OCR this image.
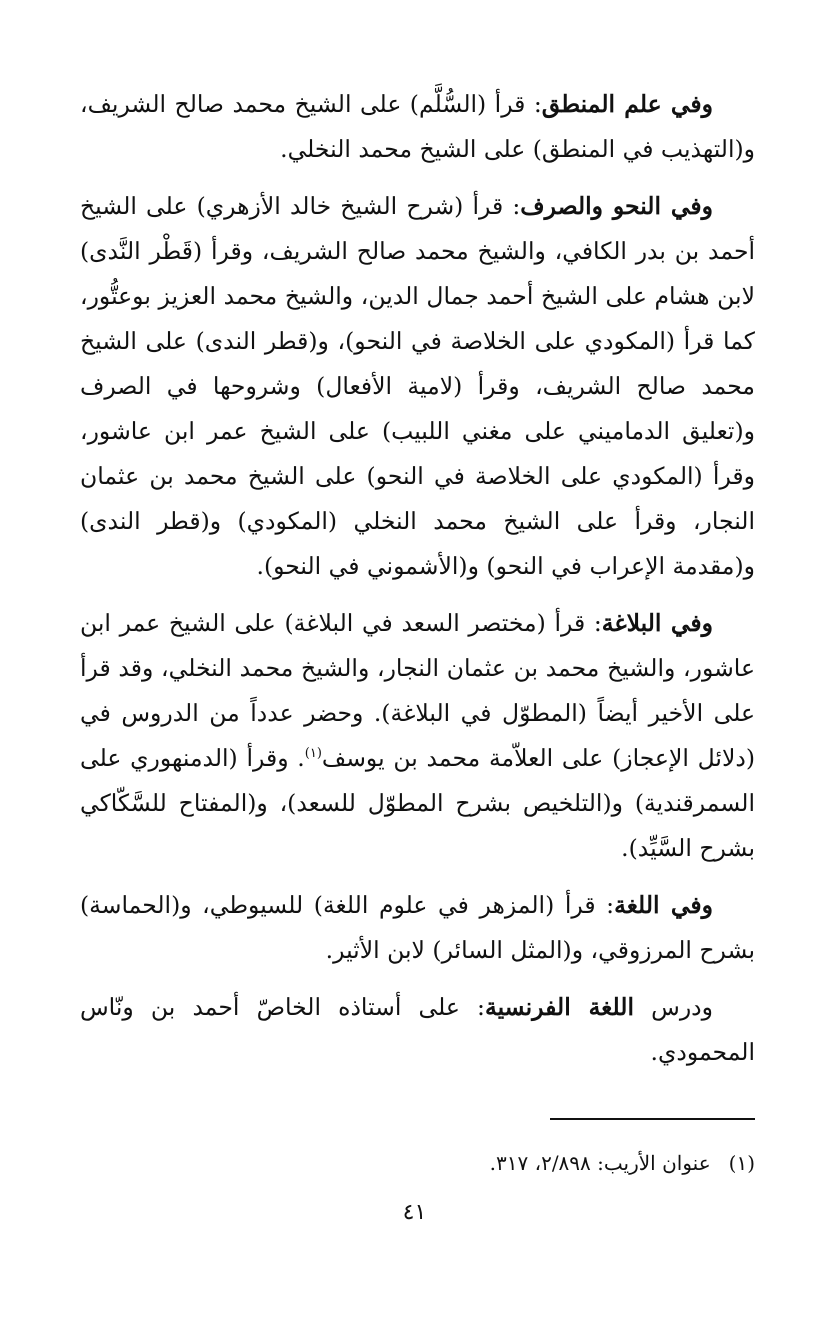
وفي علم المنطق: قرأ (السُّلَّم) على الشيخ محمد صالح الشريف، و(التهذيب في المنطق) على الشيخ محمد النخلي.

وفي النحو والصرف: قرأ (شرح الشيخ خالد الأزهري) على الشيخ أحمد بن بدر الكافي، والشيخ محمد صالح الشريف، وقرأ (قَطْر النَّدى) لابن هشام على الشيخ أحمد جمال الدين، والشيخ محمد العزيز بوعتُّور، كما قرأ (المكودي على الخلاصة في النحو)، و(قطر الندى) على الشيخ محمد صالح الشريف، وقرأ (لامية الأفعال) وشروحها في الصرف و(تعليق الدماميني على مغني اللبيب) على الشيخ عمر ابن عاشور، وقرأ (المكودي على الخلاصة في النحو) على الشيخ محمد بن عثمان النجار، وقرأ على الشيخ محمد النخلي (المكودي) و(قطر الندى) و(مقدمة الإعراب في النحو) و(الأشموني في النحو).

وفي البلاغة: قرأ (مختصر السعد في البلاغة) على الشيخ عمر ابن عاشور، والشيخ محمد بن عثمان النجار، والشيخ محمد النخلي، وقد قرأ على الأخير أيضاً (المطوّل في البلاغة). وحضر عدداً من الدروس في (دلائل الإعجاز) على العلاّمة محمد بن يوسف$^{(١)}$. وقرأ (الدمنهوري على السمرقندية) و(التلخيص بشرح المطوّل للسعد)، و(المفتاح للسَّكّاكي بشرح السَّيِّد).

وفي اللغة: قرأ (المزهر في علوم اللغة) للسيوطي، و(الحماسة) بشرح المرزوقي، و(المثل السائر) لابن الأثير.

ودرس اللغة الفرنسية: على أستاذه الخاصّ أحمد بن ونّاس المحمودي.

(١)عنوان الأريب: ٢/٨٩٨، ٣١٧.
٤١
